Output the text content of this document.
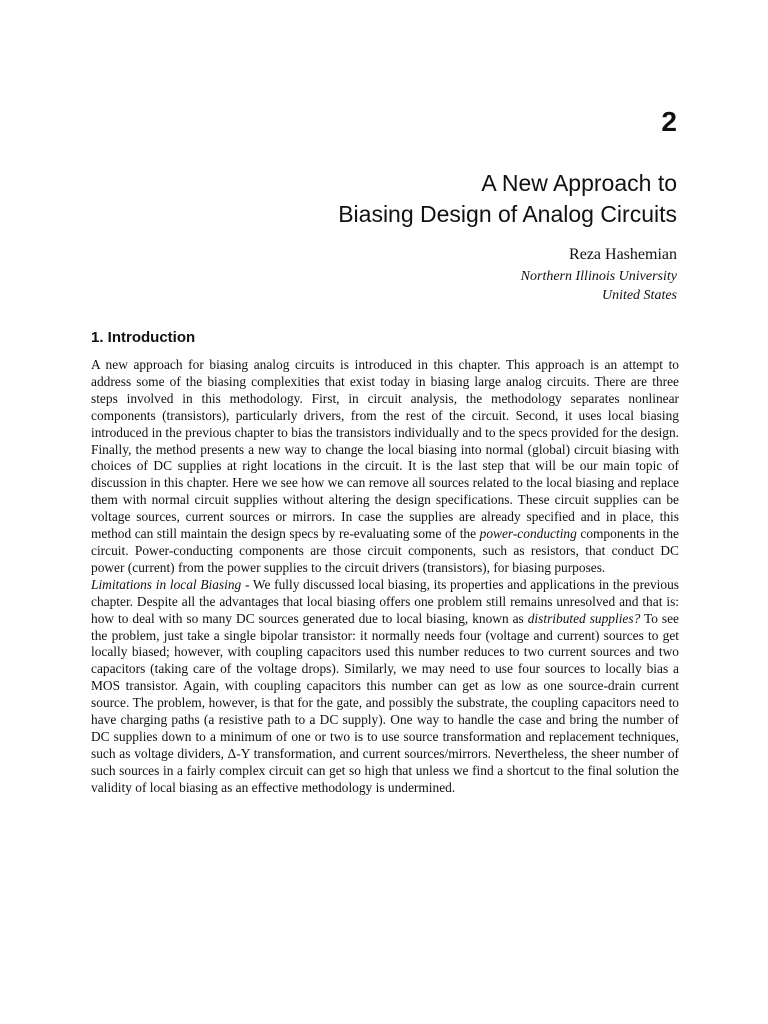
2
A New Approach to
Biasing Design of Analog Circuits
Reza Hashemian
Northern Illinois University
United States
1. Introduction

A new approach for biasing analog circuits is introduced in this chapter. This approach is an attempt to address some of the biasing complexities that exist today in biasing large analog circuits. There are three steps involved in this methodology. First, in circuit analysis, the methodology separates nonlinear components (transistors), particularly drivers, from the rest of the circuit. Second, it uses local biasing introduced in the previous chapter to bias the transistors individually and to the specs provided for the design. Finally, the method presents a new way to change the local biasing into normal (global) circuit biasing with choices of DC supplies at right locations in the circuit. It is the last step that will be our main topic of discussion in this chapter. Here we see how we can remove all sources related to the local biasing and replace them with normal circuit supplies without altering the design specifications. These circuit supplies can be voltage sources, current sources or mirrors. In case the supplies are already specified and in place, this method can still maintain the design specs by re-evaluating some of the power-conducting components in the circuit. Power-conducting components are those circuit components, such as resistors, that conduct DC power (current) from the power supplies to the circuit drivers (transistors), for biasing purposes.

Limitations in local Biasing - We fully discussed local biasing, its properties and applications in the previous chapter. Despite all the advantages that local biasing offers one problem still remains unresolved and that is: how to deal with so many DC sources generated due to local biasing, known as distributed supplies? To see the problem, just take a single bipolar transistor: it normally needs four (voltage and current) sources to get locally biased; however, with coupling capacitors used this number reduces to two current sources and two capacitors (taking care of the voltage drops). Similarly, we may need to use four sources to locally bias a MOS transistor. Again, with coupling capacitors this number can get as low as one source-drain current source. The problem, however, is that for the gate, and possibly the substrate, the coupling capacitors need to have charging paths (a resistive path to a DC supply). One way to handle the case and bring the number of DC supplies down to a minimum of one or two is to use source transformation and replacement techniques, such as voltage dividers, Δ-Y transformation, and current sources/mirrors. Nevertheless, the sheer number of such sources in a fairly complex circuit can get so high that unless we find a shortcut to the final solution the validity of local biasing as an effective methodology is undermined.
